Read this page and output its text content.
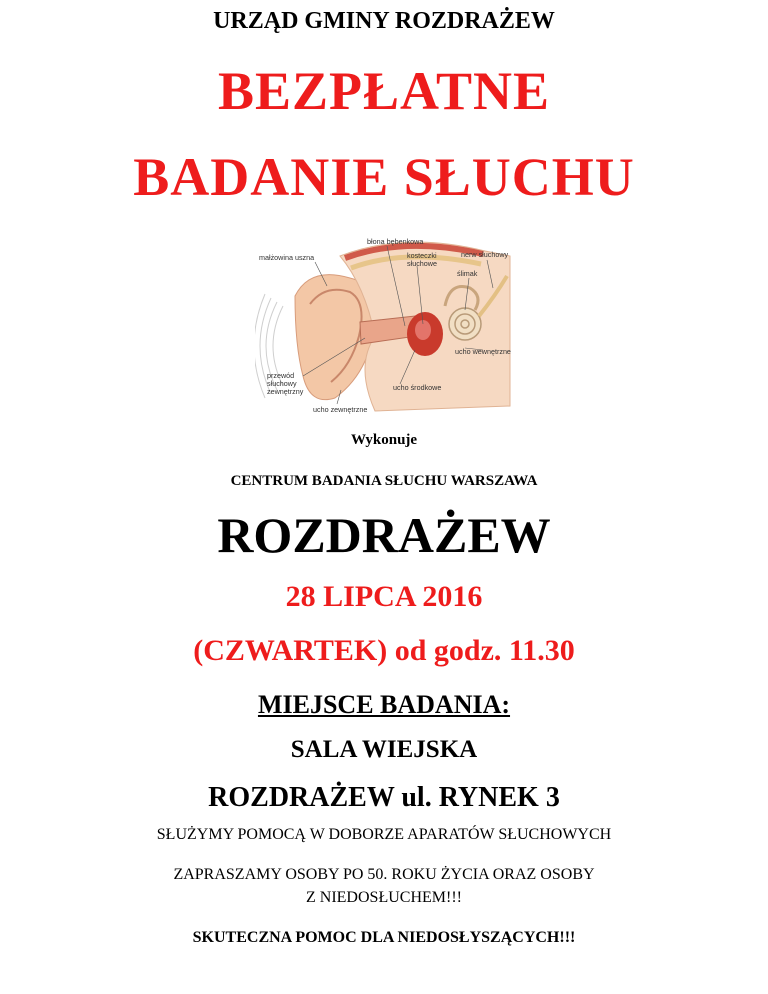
URZĄD GMINY ROZDRAŻEW
BEZPŁATNE
BADANIE SŁUCHU
błona bębenkowa
małżowina uszna	kosteczki
słuchowe
nerw słuchowy
ślimak
ucho wewnętrzne
przewód
słuchowy
zewnętrzny	ucho środkowe
ucho zewnętrzne
Wykonuje
CENTRUM BADANIA SŁUCHU WARSZAWA
ROZDRAŻEW
28 LIPCA 2016
(CZWARTEK) od godz. 11.30
MIEJSCE BADANIA:
SALA WIEJSKA
ROZDRAŻEW ul. RYNEK 3
SŁUŻYMY POMOCĄ W DOBORZE APARATÓW SŁUCHOWYCH
ZAPRASZAMY OSOBY PO 50. ROKU ŻYCIA ORAZ OSOBY
Z NIEDOSŁUCHEM!!!
SKUTECZNA POMOC DLA NIEDOSŁYSZĄCYCH!!!
